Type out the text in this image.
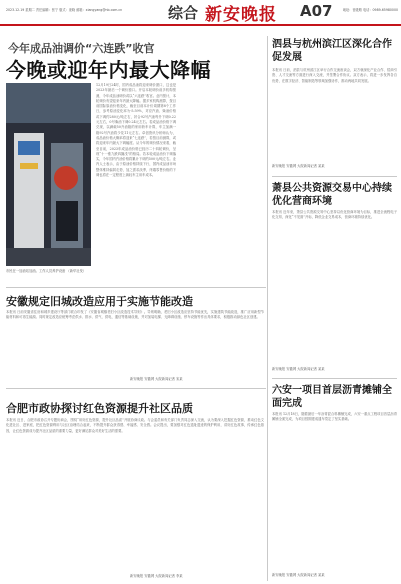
2023.12.19 星期二 责任编辑：张宁 版式：庞晓 邮箱：xiangyang@nb.com.cn	综合 新安晚报 A07	地址：晋级路 电话：0989-65980000
今年成品油调价“六连跌”收官
今晚或迎年内最大降幅
12月19日24时，国内成品油将迎来调价窗口，这也是2023年最后一个调价窗口。开启本轮调价前多机构预测，今年成品油调价或以“六连跌”收官。业内预计，本轮调价有望迎来年内最大降幅。据多家机构测算，按目前国际原油价格变化，截至目前本计价周期第8个工作日，参考原油变化率为-5.59%，对应汽油、柴油价格或下调约280元/吨左右，折合92号汽油每升下调0.22元左右，0号柴油下调0.24元左右。若成品油价格下调兑现，以满载50升油箱的家用轿车计算，车主加满一箱92号汽油将少花11元左右。卓创资讯分析师认为，成品油价格大概率将迎来“七连跌”，若按目前测算，或将迎来年内最大下调幅度。从今年的调价情况来看，截至目前，2023年成品油价格已经历二十四轮调价，呈现“十一涨九跌四搁浅”的格局。若本轮成品油价下调落实，今年国内汽油价格将累计下调约500元/吨左右。业内人士表示，由于原油价格持续下行，国内成品油市场整体维持偏弱走势，加之需求淡季，终端零售价格的下调也将在一定程度上减轻车主用车成本。
市民在一加油站加油。工作人员养护设备 （新华社发）
安徽规定旧城改造应用于实施节能改造
本报讯 日前安徽省住房和城乡建设厅等部门联合印发了《安徽省城镇老旧小区改造技术导则》。导则明确，老旧小区改造应坚持节能优先，实施建筑节能改造，推广应用新型节能材料和可再生能源。同时规定改造应统筹考虑供水、排水、供气、供电、通信等基础设施，并对加装电梯、无障碍设施、停车设施等作出具体要求，积极推动绿色社区创建。
新安晚报 安徽网 大皖新闻记者 宋某
合肥市政协探讨红色资源提升社区品质
本报讯 近日，合肥市政协召开专题协商会，围绕“用好红色资源，提升社区品质”开展协商议政。与会委员和有关部门负责同志深入交流，认为要深入挖掘红色资源，推动红色文化进社区、进家庭，把红色资源利用与社区治理结合起来，不断提升群众获得感、幸福感、安全感。会议提出，要加强对红色遗址遗迹的保护利用，讲好红色故事，传承红色基因，让红色资源成为提升社区品质的重要力量，更好满足群众对美好生活的需要。
新安晚报 安徽网 大皖新闻记者 李某
泗县与杭州滨江区深化合作促发展
本报讯 日前，泗县与杭州滨江区举行合作交流座谈会，双方就深化产业合作、招商引资、人才交流等方面进行深入交流，并签署合作协议。双方表示，将进一步发挥各自优势，在数字经济、智能制造等领域加强协作，推动两地共同发展。
新安晚报 安徽网 大皖新闻记者 某某
萧县公共资源交易中心持续优化营商环境
本报讯 近年来，萧县公共资源交易中心坚持以优化营商环境为目标，推进全流程电子化交易，深化“不见面”开标，降低企业交易成本，营商环境持续优化。
新安晚报 安徽网 大皖新闻记者 某某
六安一项目首层沥青摊铺全面完成
本报讯 12月18日，随着最后一车沥青混合料摊铺完成，六安一重点工程项目首层沥青摊铺全面完成，为项目按期建成通车奠定了坚实基础。
新安晚报 安徽网 大皖新闻记者 某某
